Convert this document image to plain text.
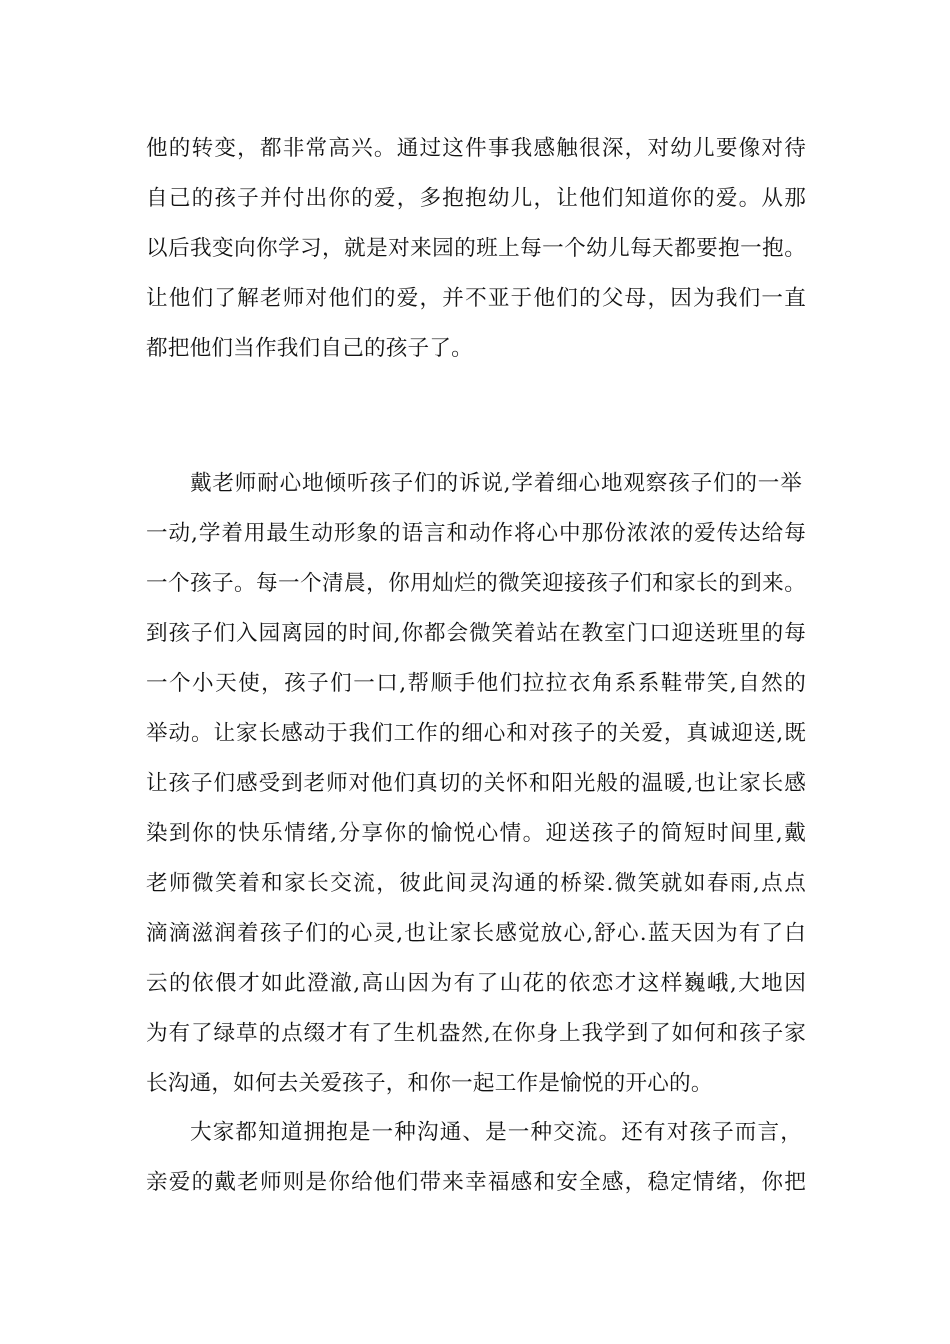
他的转变，都非常高兴。通过这件事我感触很深，对幼儿要像对待
自己的孩子并付出你的爱，多抱抱幼儿，让他们知道你的爱。从那
以后我变向你学习，就是对来园的班上每一个幼儿每天都要抱一抱。
让他们了解老师对他们的爱，并不亚于他们的父母，因为我们一直
都把他们当作我们自己的孩子了。
戴老师耐心地倾听孩子们的诉说,学着细心地观察孩子们的一举
一动,学着用最生动形象的语言和动作将心中那份浓浓的爱传达给每
一个孩子。每一个清晨，你用灿烂的微笑迎接孩子们和家长的到来。
到孩子们入园离园的时间,你都会微笑着站在教室门口迎送班里的每
一个小天使，孩子们一口,帮顺手他们拉拉衣角系系鞋带笑,自然的
举动。让家长感动于我们工作的细心和对孩子的关爱，真诚迎送,既
让孩子们感受到老师对他们真切的关怀和阳光般的温暖,也让家长感
染到你的快乐情绪,分享你的愉悦心情。迎送孩子的简短时间里,戴
老师微笑着和家长交流，彼此间灵沟通的桥梁.微笑就如春雨,点点
滴滴滋润着孩子们的心灵,也让家长感觉放心,舒心.蓝天因为有了白
云的依偎才如此澄澈,高山因为有了山花的依恋才这样巍峨,大地因
为有了绿草的点缀才有了生机盎然,在你身上我学到了如何和孩子家
长沟通，如何去关爱孩子，和你一起工作是愉悦的开心的。
大家都知道拥抱是一种沟通、是一种交流。还有对孩子而言，
亲爱的戴老师则是你给他们带来幸福感和安全感，稳定情绪，你把
